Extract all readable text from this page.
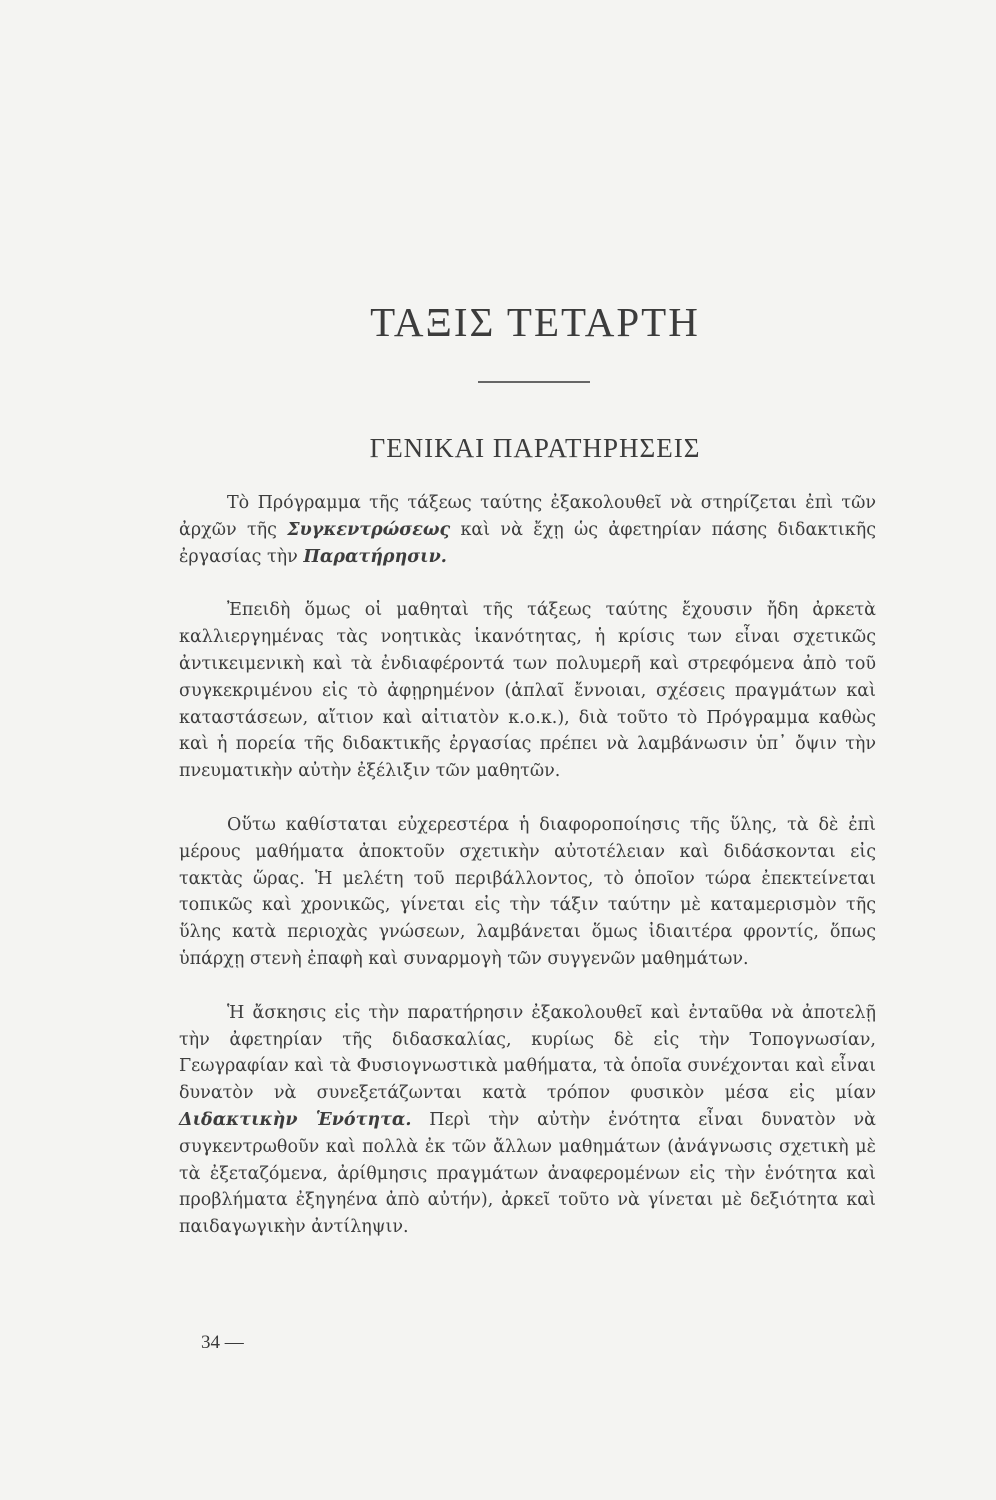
ΤΑΞΙΣ ΤΕΤΑΡΤΗ
ΓΕΝΙΚΑΙ ΠΑΡΑΤΗΡΗΣΕΙΣ

Τὸ Πρόγραμμα τῆς τάξεως ταύτης ἐξακολουθεῖ νὰ στηρίζεται ἐπὶ τῶν ἀρχῶν τῆς Συγκεντρώσεως καὶ νὰ ἔχῃ ὡς ἀφετηρίαν πάσης διδακτικῆς ἐργασίας τὴν Παρατήρησιν.

Ἐπειδὴ ὅμως οἱ μαθηταὶ τῆς τάξεως ταύτης ἔχουσιν ἤδη ἀρκετὰ καλλιεργημένας τὰς νοητικὰς ἱκανότητας, ἡ κρίσις των εἶναι σχετικῶς ἀντικειμενικὴ καὶ τὰ ἐνδιαφέροντά των πολυμερῆ καὶ στρεφόμενα ἀπὸ τοῦ συγκεκριμένου εἰς τὸ ἀφῃρημένον (ἁπλαῖ ἔννοιαι, σχέσεις πραγμάτων καὶ καταστάσεων, αἴτιον καὶ αἰτιατὸν κ.ο.κ.), διὰ τοῦτο τὸ Πρόγραμμα καθὼς καὶ ἡ πορεία τῆς διδακτικῆς ἐργασίας πρέπει νὰ λαμβάνωσιν ὑπ᾽ ὄψιν τὴν πνευματικὴν αὐτὴν ἐξέλιξιν τῶν μαθητῶν.

Οὕτω καθίσταται εὐχερεστέρα ἡ διαφοροποίησις τῆς ὕλης, τὰ δὲ ἐπὶ μέρους μαθήματα ἀποκτοῦν σχετικὴν αὐτοτέλειαν καὶ διδάσκονται εἰς τακτὰς ὥρας. Ἡ μελέτη τοῦ περιβάλλοντος, τὸ ὁποῖον τώρα ἐπεκτείνεται τοπικῶς καὶ χρονικῶς, γίνεται εἰς τὴν τάξιν ταύτην μὲ καταμερισμὸν τῆς ὕλης κατὰ περιοχὰς γνώσεων, λαμβάνεται ὅμως ἰδιαιτέρα φροντίς, ὅπως ὑπάρχῃ στενὴ ἐπαφὴ καὶ συναρμογὴ τῶν συγγενῶν μαθημάτων.

Ἡ ἄσκησις εἰς τὴν παρατήρησιν ἐξακολουθεῖ καὶ ἐνταῦθα νὰ ἀποτελῇ τὴν ἀφετηρίαν τῆς διδασκαλίας, κυρίως δὲ εἰς τὴν Τοπογνωσίαν, Γεωγραφίαν καὶ τὰ Φυσιογνωστικὰ μαθήματα, τὰ ὁποῖα συνέχονται καὶ εἶναι δυνατὸν νὰ συνεξετάζωνται κατὰ τρόπον φυσικὸν μέσα εἰς μίαν Διδακτικὴν Ἑνότητα. Περὶ τὴν αὐτὴν ἑνότητα εἶναι δυνατὸν νὰ συγκεντρωθοῦν καὶ πολλὰ ἐκ τῶν ἄλλων μαθημάτων (ἀνάγνωσις σχετικὴ μὲ τὰ ἐξεταζόμενα, ἀρίθμησις πραγμάτων ἀναφερομένων εἰς τὴν ἑνότητα καὶ προβλήματα ἐξηγηένα ἀπὸ αὐτήν), ἀρκεῖ τοῦτο νὰ γίνεται μὲ δεξιότητα καὶ παιδαγωγικὴν ἀντίληψιν.

34 —
